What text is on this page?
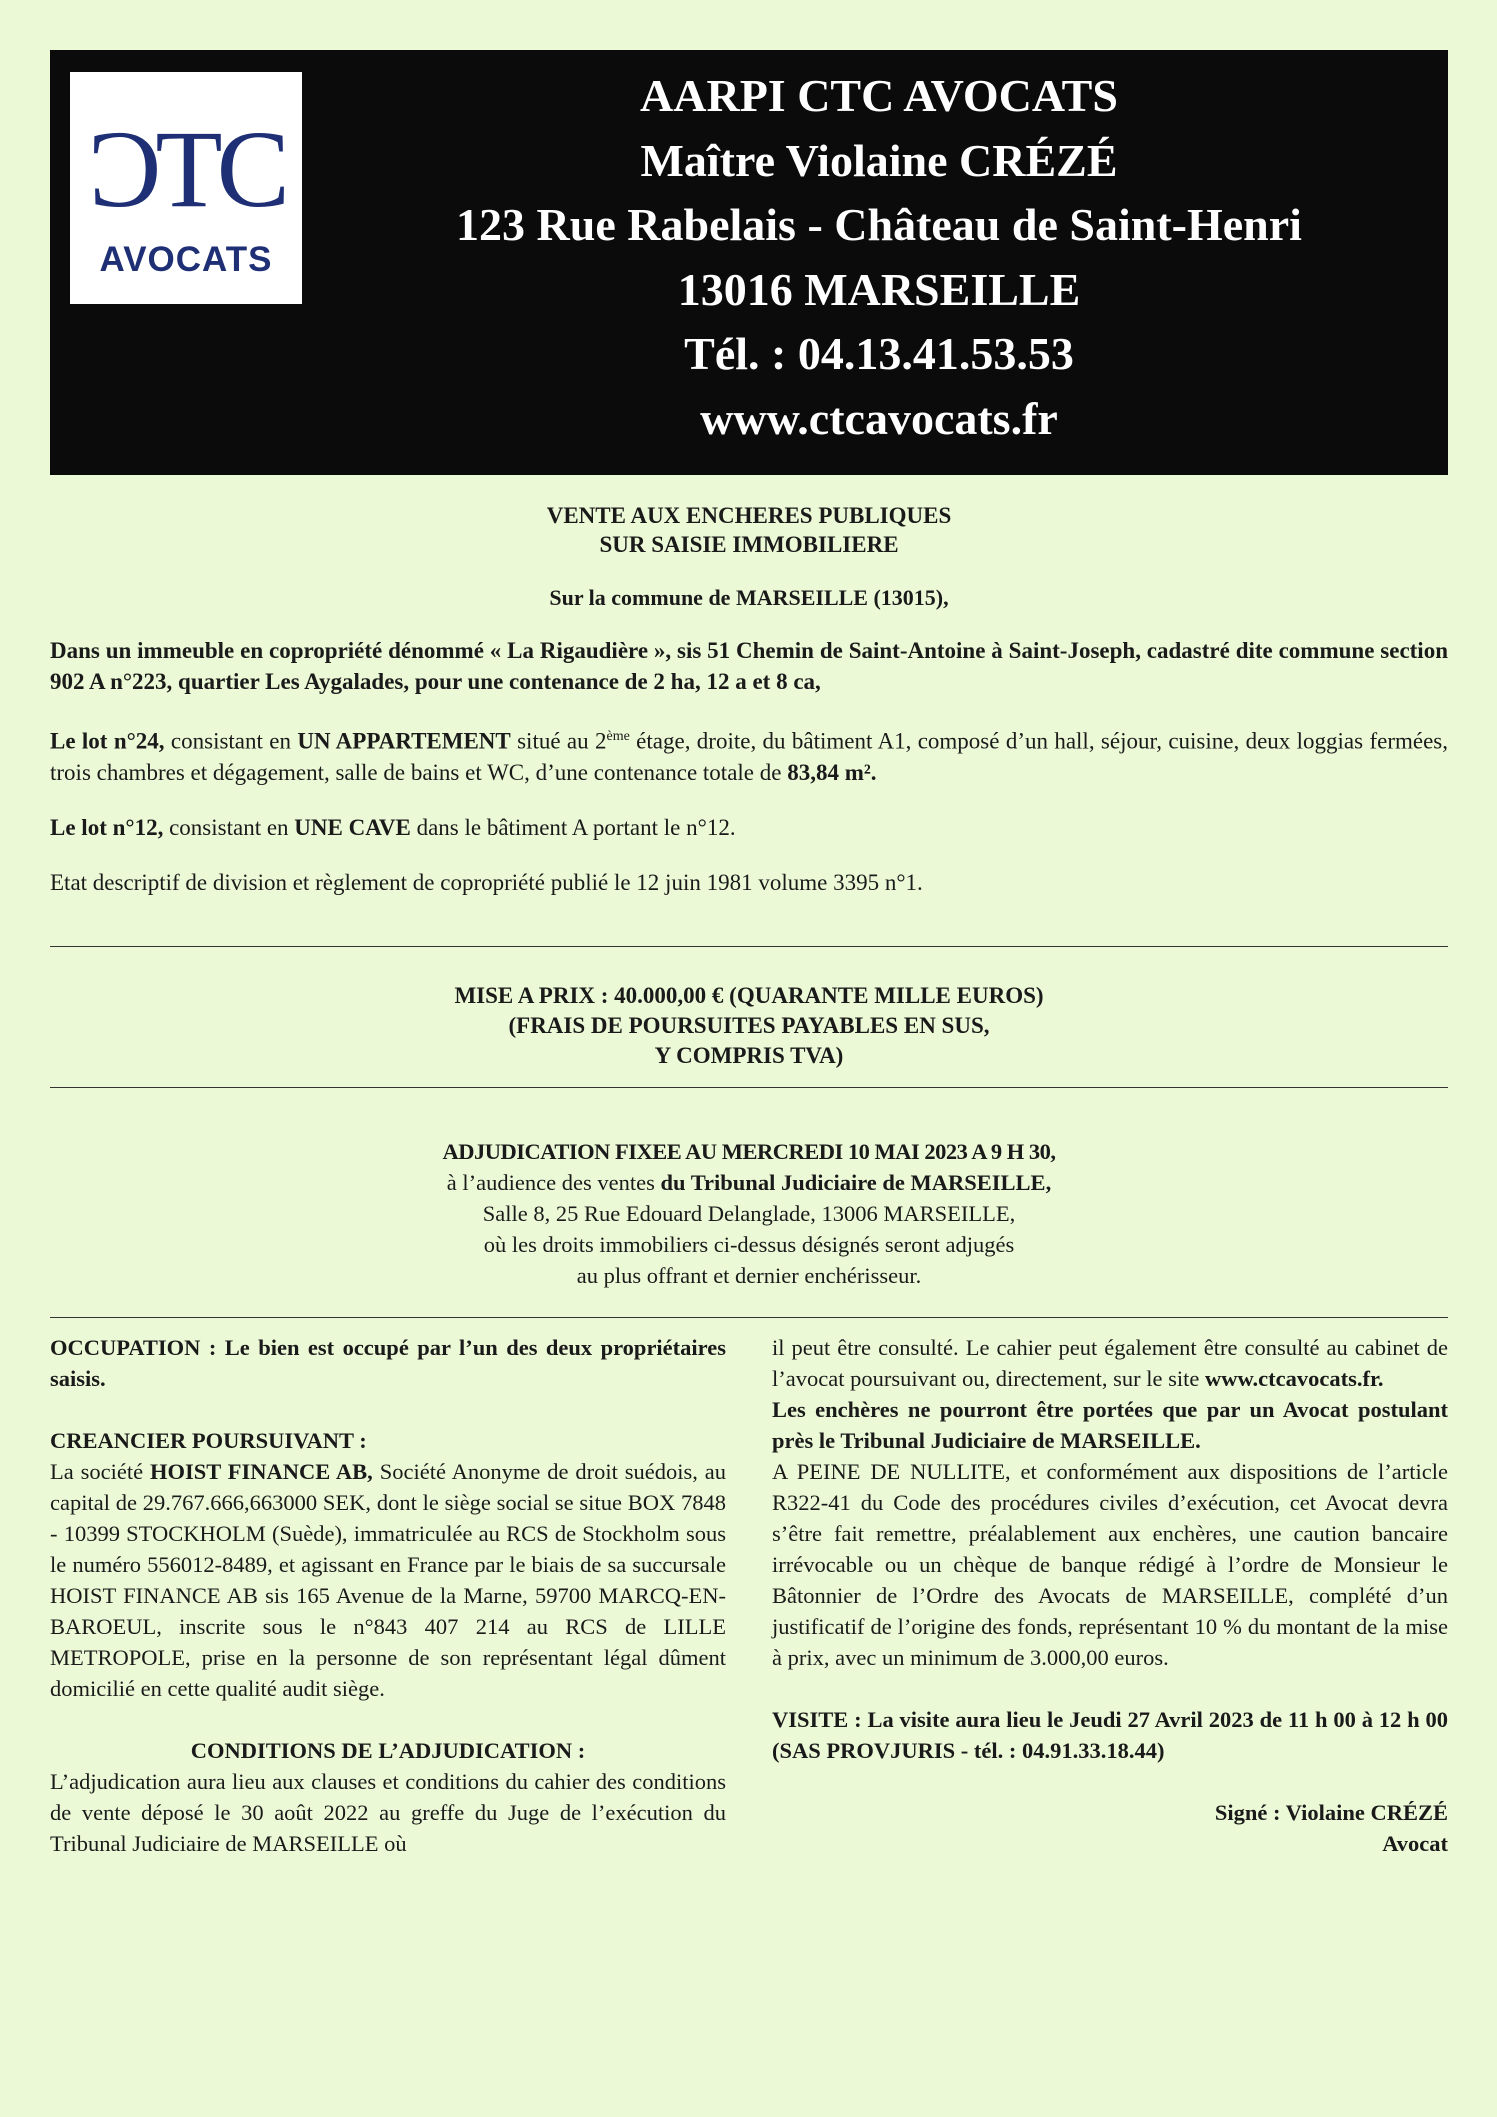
ƆTC
AVOCATS
AARPI CTC AVOCATS
Maître Violaine CRÉZÉ
123 Rue Rabelais - Château de Saint-Henri
13016 MARSEILLE
Tél. : 04.13.41.53.53
www.ctcavocats.fr
VENTE AUX ENCHERES PUBLIQUES
SUR SAISIE IMMOBILIERE
Sur la commune de MARSEILLE (13015),

Dans un immeuble en copropriété dénommé « La Rigaudière », sis 51 Chemin de Saint-Antoine à Saint-Joseph, cadastré dite commune section 902 A n°223, quartier Les Aygalades, pour une contenance de 2 ha, 12 a et 8 ca,

Le lot n°24, consistant en UN APPARTEMENT situé au 2ème étage, droite, du bâtiment A1, composé d’un hall, séjour, cuisine, deux loggias fermées, trois chambres et dégagement, salle de bains et WC, d’une contenance totale de 83,84 m².

Le lot n°12, consistant en UNE CAVE dans le bâtiment A portant le n°12.

Etat descriptif de division et règlement de copropriété publié le 12 juin 1981 volume 3395 n°1.

MISE A PRIX : 40.000,00 € (QUARANTE MILLE EUROS)
(FRAIS DE POURSUITES PAYABLES EN SUS,
Y COMPRIS TVA)
ADJUDICATION FIXEE AU MERCREDI 10 MAI 2023 A 9 H 30,
à l’audience des ventes du Tribunal Judiciaire de MARSEILLE,
Salle 8, 25 Rue Edouard Delanglade, 13006 MARSEILLE,
où les droits immobiliers ci-dessus désignés seront adjugés
au plus offrant et dernier enchérisseur.

OCCUPATION : Le bien est occupé par l’un des deux propriétaires saisis.

CREANCIER POURSUIVANT :

La société HOIST FINANCE AB, Société Anonyme de droit suédois, au capital de 29.767.666,663000 SEK, dont le siège social se situe BOX 7848 - 10399 STOCKHOLM (Suède), immatriculée au RCS de Stockholm sous le numéro 556012-8489, et agissant en France par le biais de sa succursale HOIST FINANCE AB sis 165 Avenue de la Marne, 59700 MARCQ-EN-BAROEUL, inscrite sous le n°843 407 214 au RCS de LILLE METROPOLE, prise en la personne de son représentant légal dûment domicilié en cette qualité audit siège.

CONDITIONS DE L’ADJUDICATION :

L’adjudication aura lieu aux clauses et conditions du cahier des conditions de vente déposé le 30 août 2022 au greffe du Juge de l’exécution du Tribunal Judiciaire de MARSEILLE où

il peut être consulté. Le cahier peut également être consulté au cabinet de l’avocat poursuivant ou, directement, sur le site www.ctcavocats.fr.

Les enchères ne pourront être portées que par un Avocat postulant près le Tribunal Judiciaire de MARSEILLE.

A PEINE DE NULLITE, et conformément aux dispositions de l’article R322-41 du Code des procédures civiles d’exécution, cet Avocat devra s’être fait remettre, préalablement aux enchères, une caution bancaire irrévocable ou un chèque de banque rédigé à l’ordre de Monsieur le Bâtonnier de l’Ordre des Avocats de MARSEILLE, complété d’un justificatif de l’origine des fonds, représentant 10 % du montant de la mise à prix, avec un minimum de 3.000,00 euros.

VISITE : La visite aura lieu le Jeudi 27 Avril 2023 de 11 h 00 à 12 h 00 (SAS PROVJURIS - tél. : 04.91.33.18.44)

Signé : Violaine CRÉZÉ
Avocat
